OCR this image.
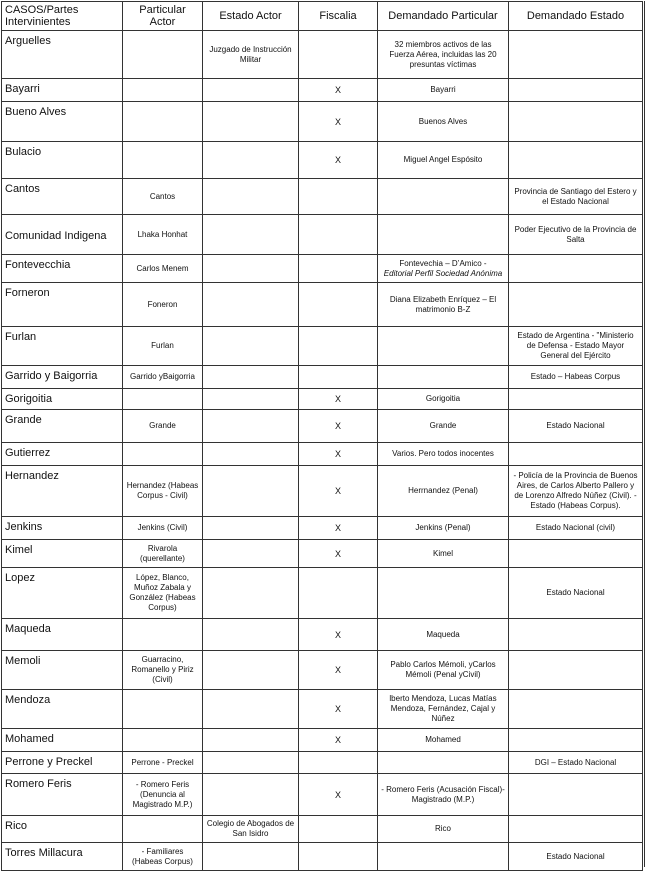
CASOS/Partes Intervinientes	Particular Actor	Estado Actor	Fiscalia	Demandado Particular	Demandado Estado
Arguelles		Juzgado de Instrucción Militar		32 miembros activos de las Fuerza Aérea, incluidas las 20 presuntas víctimas	
Bayarri			X	Bayarri	
Bueno Alves			X	Buenos Alves	
Bulacio			X	Miguel Angel Espósito	
Cantos	Cantos				Provincia de Santiago del Estero y el Estado Nacional
Comunidad Indigena	Lhaka Honhat				Poder Ejecutivo de la Provincia de Salta
Fontevecchia	Carlos Menem			Fontevechia – D’Amico -
Editorial Perfil Sociedad Anónima	
Forneron	Foneron			Diana Elizabeth Enríquez – El matrimonio B-Z	
Furlan	Furlan				Estado de Argentina - "Ministerio de Defensa - Estado Mayor General del Ejército
Garrido y Baigorria	Garrido yBaigorria				Estado – Habeas Corpus
Gorigoitia			X	Gorigoitia	
Grande	Grande		X	Grande	Estado Nacional
Gutierrez			X	Varios. Pero todos inocentes	
Hernandez	Hernandez (Habeas Corpus - Civil)		X	Herrnandez (Penal)	- Policía de la Provincia de Buenos Aires, de Carlos Alberto Pallero y de Lorenzo Alfredo Núñez (Civil). -Estado (Habeas Corpus).
Jenkins	Jenkins (Civil)		X	Jenkins (Penal)	Estado Nacional (civil)
Kimel	Rivarola (querellante)		X	Kimel	
Lopez	López, Blanco, Muñoz Zabala y González (Habeas Corpus)				Estado Nacional
Maqueda			X	Maqueda	
Memoli	Guarracino, Romanello y Piriz (Civil)		X	Pablo Carlos Mémoli, yCarlos Mémoli (Penal yCivil)	
Mendoza			X	lberto Mendoza, Lucas Matías Mendoza, Fernández, Cajal y Núñez	
Mohamed			X	Mohamed	
Perrone y Preckel	Perrone - Preckel				DGI – Estado Nacional
Romero Feris	- Romero Feris (Denuncia al Magistrado M.P.)		X	- Romero Feris (Acusación Fiscal)- Magistrado (M.P.)	
Rico		Colegio de Abogados de San Isidro		Rico	
Torres Millacura	- Familiares (Habeas Corpus)				Estado Nacional
